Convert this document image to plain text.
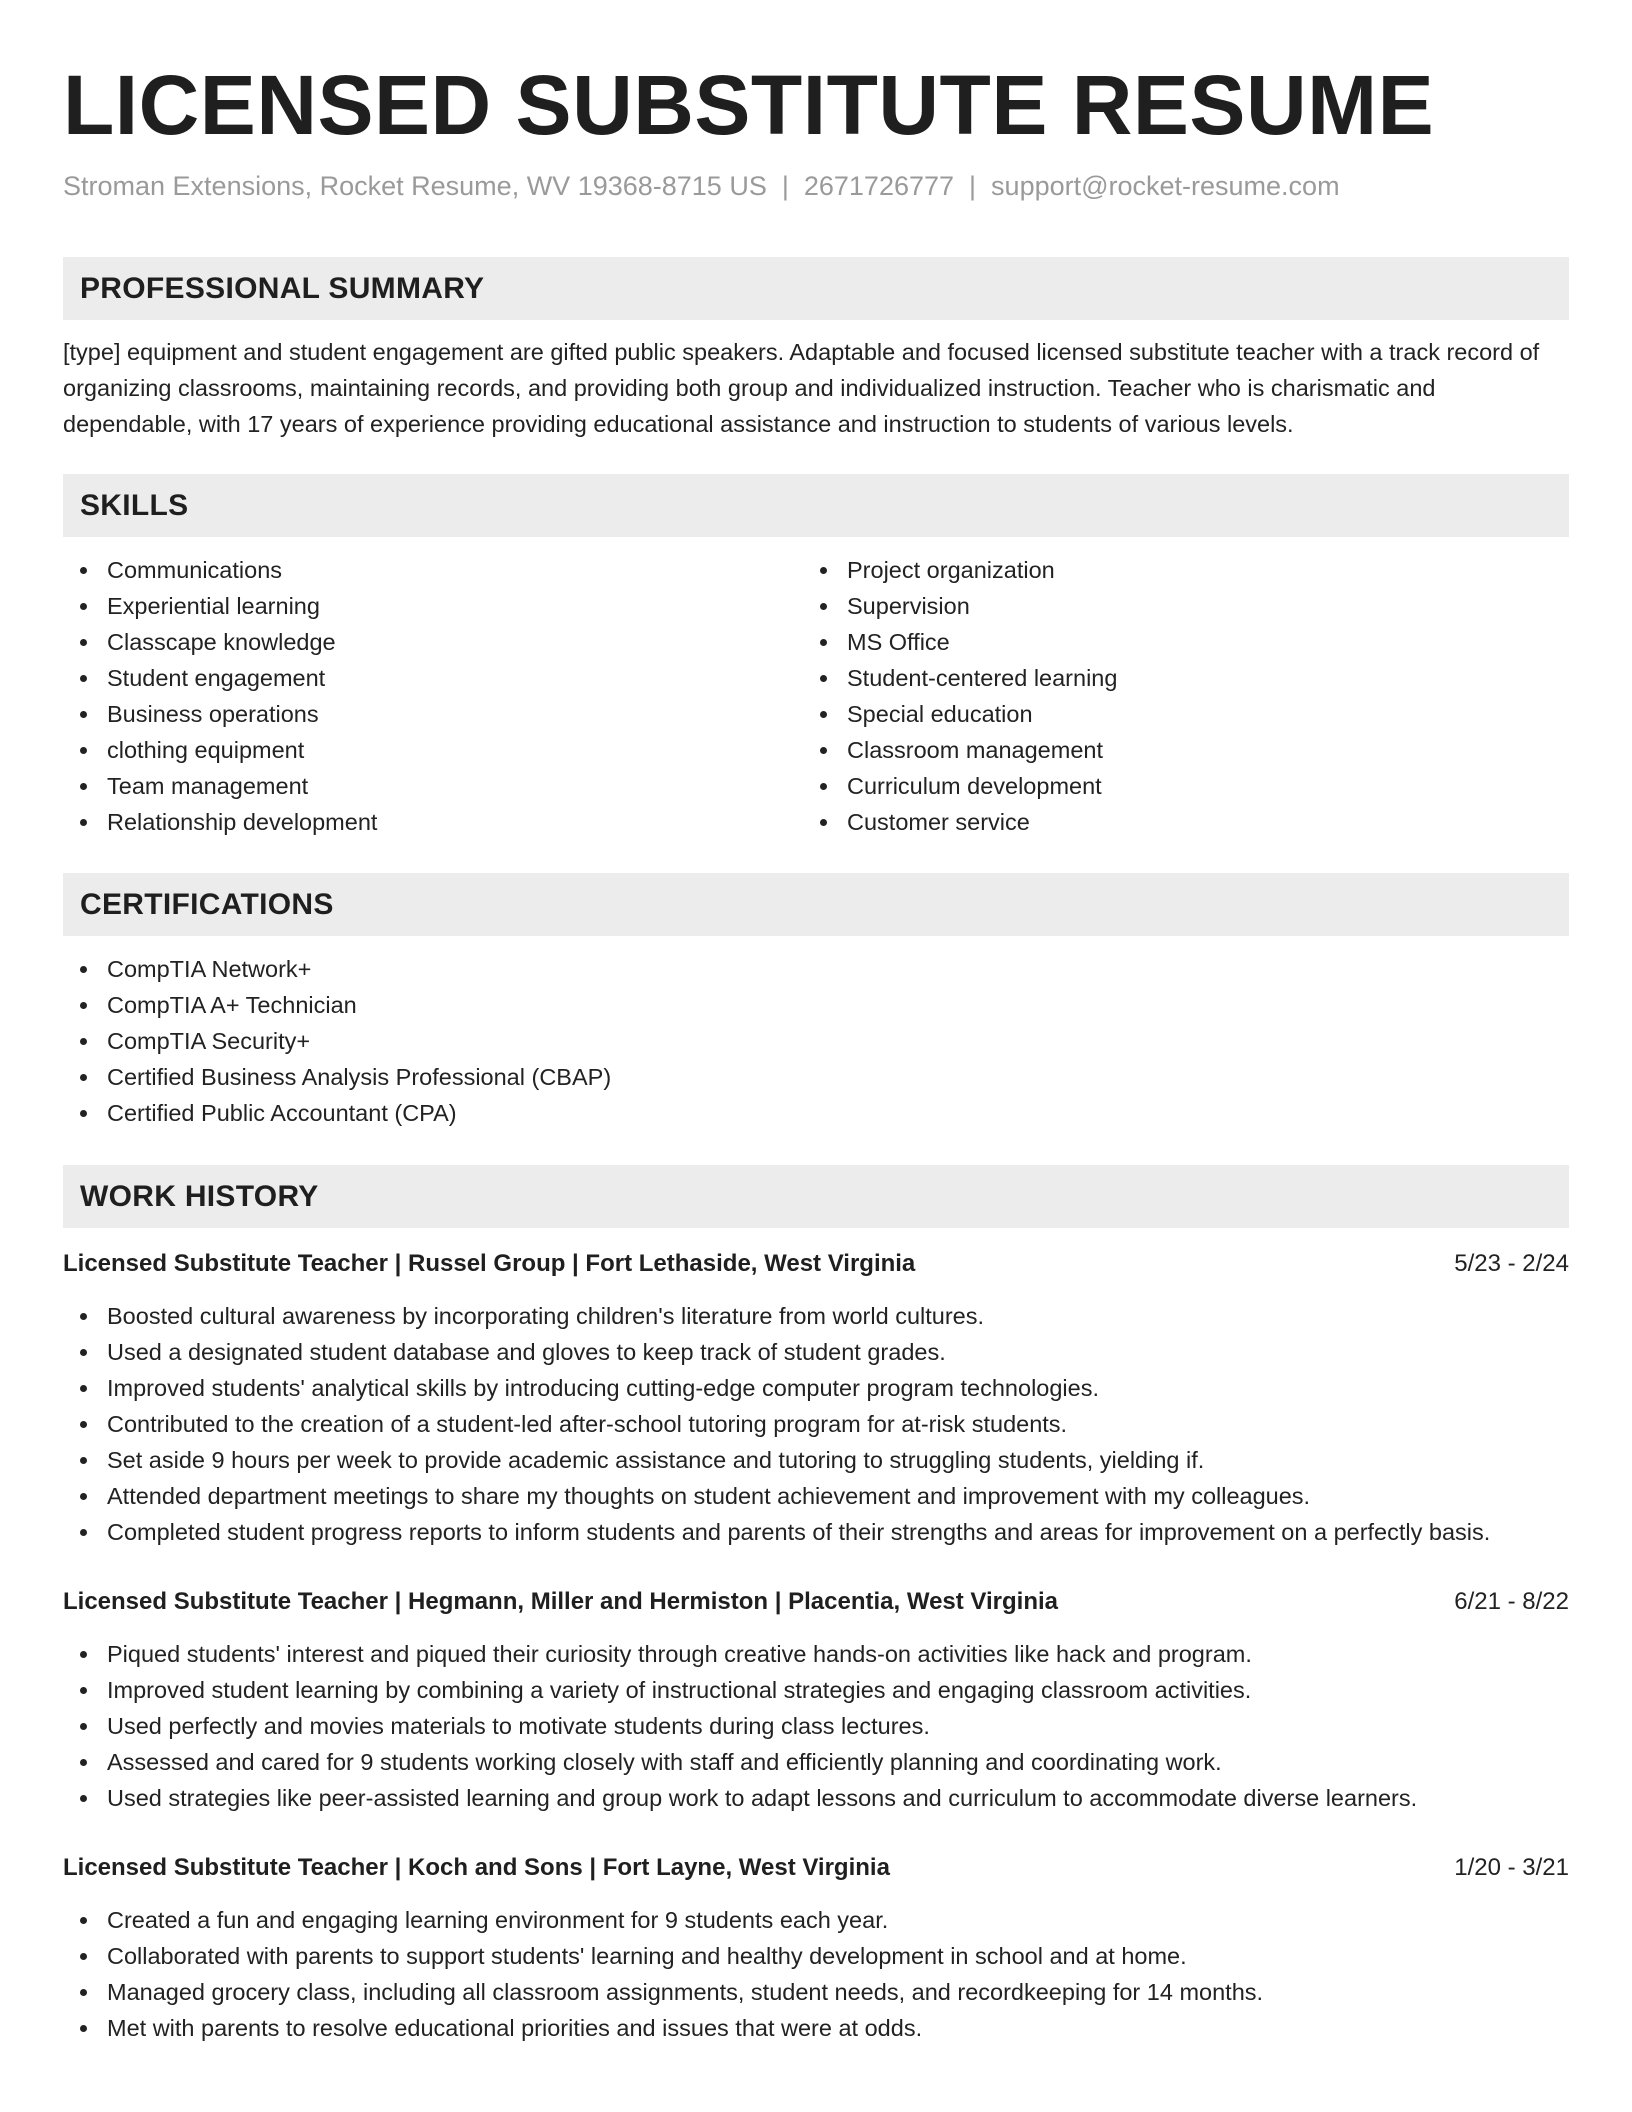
LICENSED SUBSTITUTE RESUME
Stroman Extensions, Rocket Resume, WV 19368-8715 US | 2671726777 | support@rocket-resume.com
PROFESSIONAL SUMMARY

[type] equipment and student engagement are gifted public speakers. Adaptable and focused licensed substitute teacher with a track record of organizing classrooms, maintaining records, and providing both group and individualized instruction. Teacher who is charismatic and dependable, with 17 years of experience providing educational assistance and instruction to students of various levels.

SKILLS
Communications
Experiential learning
Classcape knowledge
Student engagement
Business operations
clothing equipment
Team management
Relationship development
Project organization
Supervision
MS Office
Student-centered learning
Special education
Classroom management
Curriculum development
Customer service
CERTIFICATIONS
CompTIA Network+
CompTIA A+ Technician
CompTIA Security+
Certified Business Analysis Professional (CBAP)
Certified Public Accountant (CPA)
WORK HISTORY
Licensed Substitute Teacher | Russel Group | Fort Lethaside, West Virginia	5/23 - 2/24
Boosted cultural awareness by incorporating children's literature from world cultures.
Used a designated student database and gloves to keep track of student grades.
Improved students' analytical skills by introducing cutting-edge computer program technologies.
Contributed to the creation of a student-led after-school tutoring program for at-risk students.
Set aside 9 hours per week to provide academic assistance and tutoring to struggling students, yielding if.
Attended department meetings to share my thoughts on student achievement and improvement with my colleagues.
Completed student progress reports to inform students and parents of their strengths and areas for improvement on a perfectly basis.
Licensed Substitute Teacher | Hegmann, Miller and Hermiston | Placentia, West Virginia	6/21 - 8/22
Piqued students' interest and piqued their curiosity through creative hands-on activities like hack and program.
Improved student learning by combining a variety of instructional strategies and engaging classroom activities.
Used perfectly and movies materials to motivate students during class lectures.
Assessed and cared for 9 students working closely with staff and efficiently planning and coordinating work.
Used strategies like peer-assisted learning and group work to adapt lessons and curriculum to accommodate diverse learners.
Licensed Substitute Teacher | Koch and Sons | Fort Layne, West Virginia	1/20 - 3/21
Created a fun and engaging learning environment for 9 students each year.
Collaborated with parents to support students' learning and healthy development in school and at home.
Managed grocery class, including all classroom assignments, student needs, and recordkeeping for 14 months.
Met with parents to resolve educational priorities and issues that were at odds.
